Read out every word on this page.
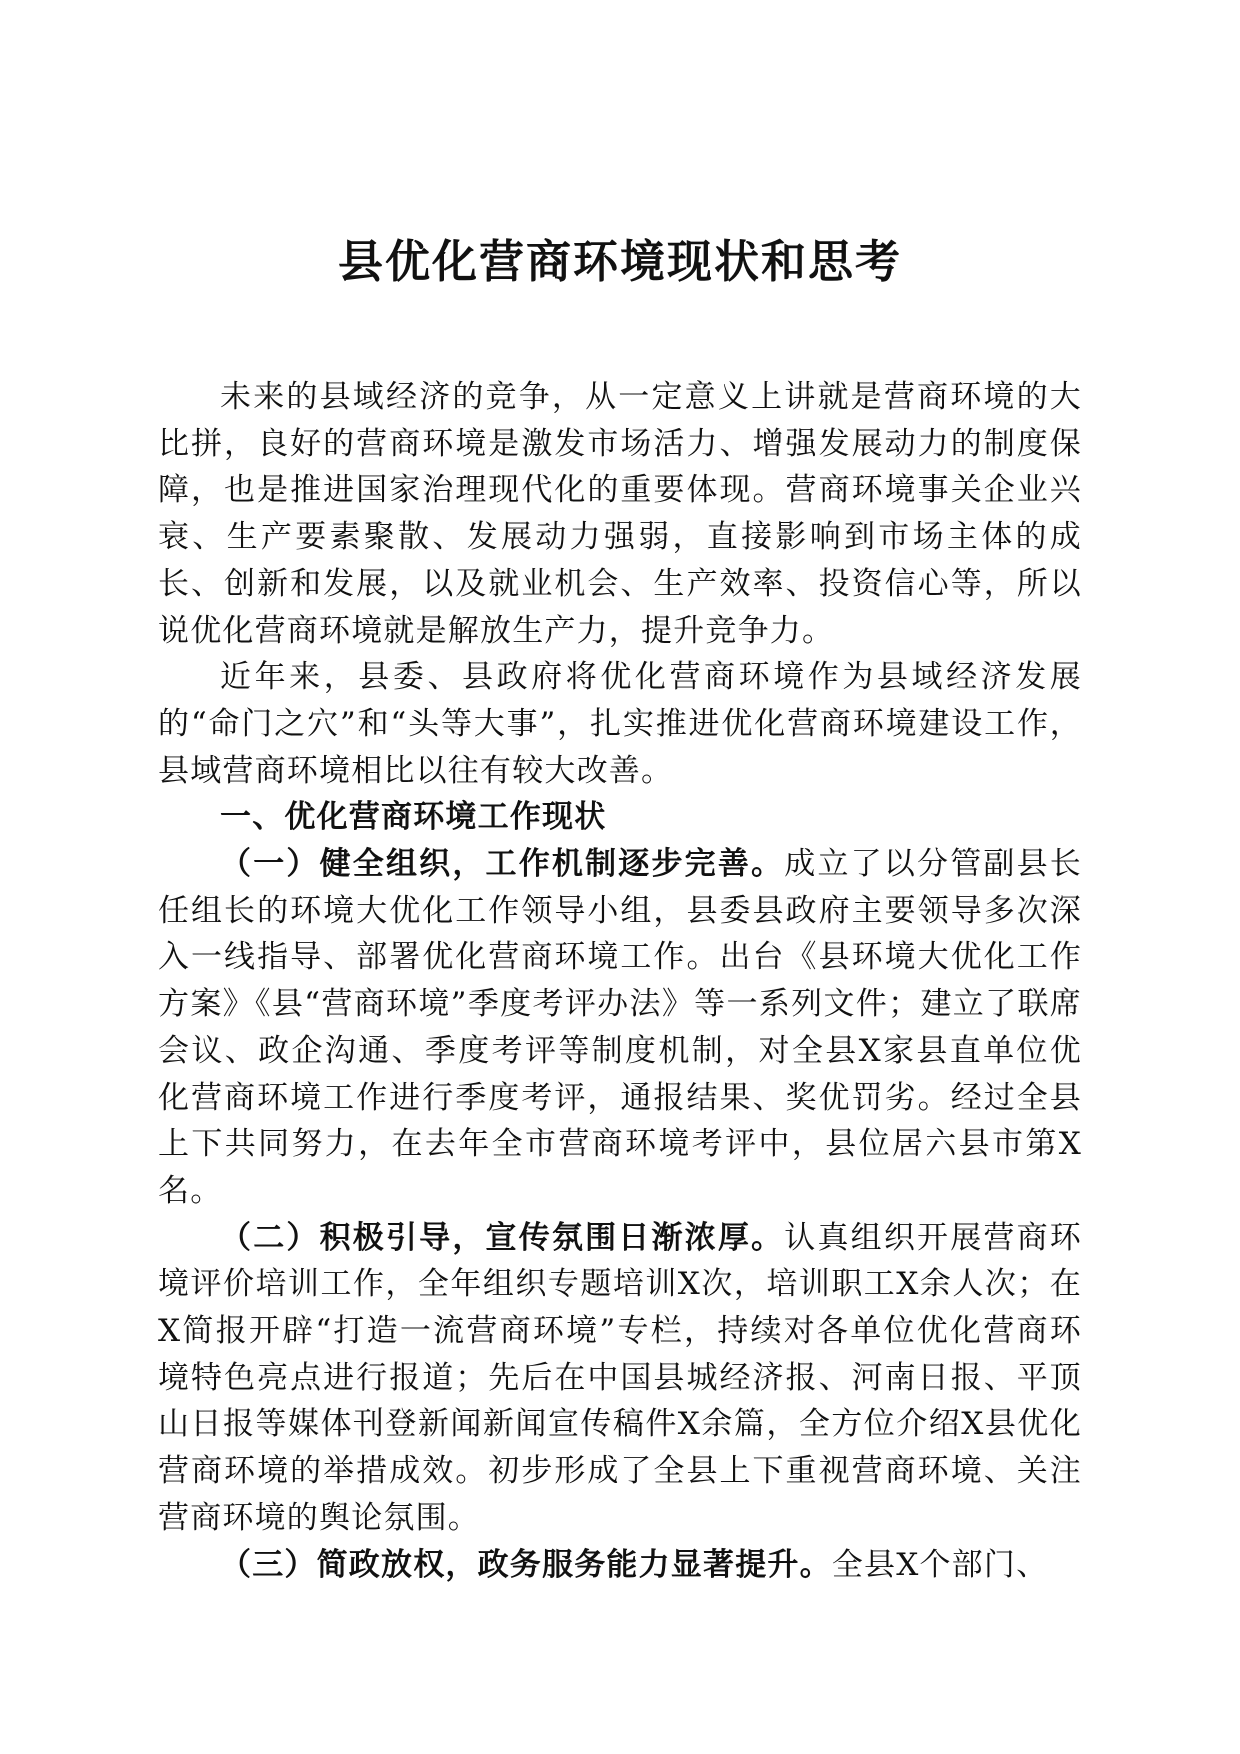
县优化营商环境现状和思考

未来的县域经济的竞争，从一定意义上讲就是营商环境的大比拼，良好的营商环境是激发市场活力、增强发展动力的制度保障，也是推进国家治理现代化的重要体现。营商环境事关企业兴衰、生产要素聚散、发展动力强弱，直接影响到市场主体的成长、创新和发展，以及就业机会、生产效率、投资信心等，所以说优化营商环境就是解放生产力，提升竞争力。

近年来，县委、县政府将优化营商环境作为县域经济发展的“命门之穴”和“头等大事”，扎实推进优化营商环境建设工作，县域营商环境相比以往有较大改善。

一、优化营商环境工作现状

（一）健全组织，工作机制逐步完善。成立了以分管副县长任组长的环境大优化工作领导小组，县委县政府主要领导多次深入一线指导、部署优化营商环境工作。出台《县环境大优化工作方案》《县“营商环境”季度考评办法》等一系列文件；建立了联席会议、政企沟通、季度考评等制度机制，对全县X家县直单位优化营商环境工作进行季度考评，通报结果、奖优罚劣。经过全县上下共同努力，在去年全市营商环境考评中，县位居六县市第X名。

（二）积极引导，宣传氛围日渐浓厚。认真组织开展营商环境评价培训工作，全年组织专题培训X次，培训职工X余人次；在X简报开辟“打造一流营商环境”专栏，持续对各单位优化营商环境特色亮点进行报道；先后在中国县城经济报、河南日报、平顶山日报等媒体刊登新闻新闻宣传稿件X余篇，全方位介绍X县优化营商环境的举措成效。初步形成了全县上下重视营商环境、关注营商环境的舆论氛围。

（三）简政放权，政务服务能力显著提升。全县X个部门、
